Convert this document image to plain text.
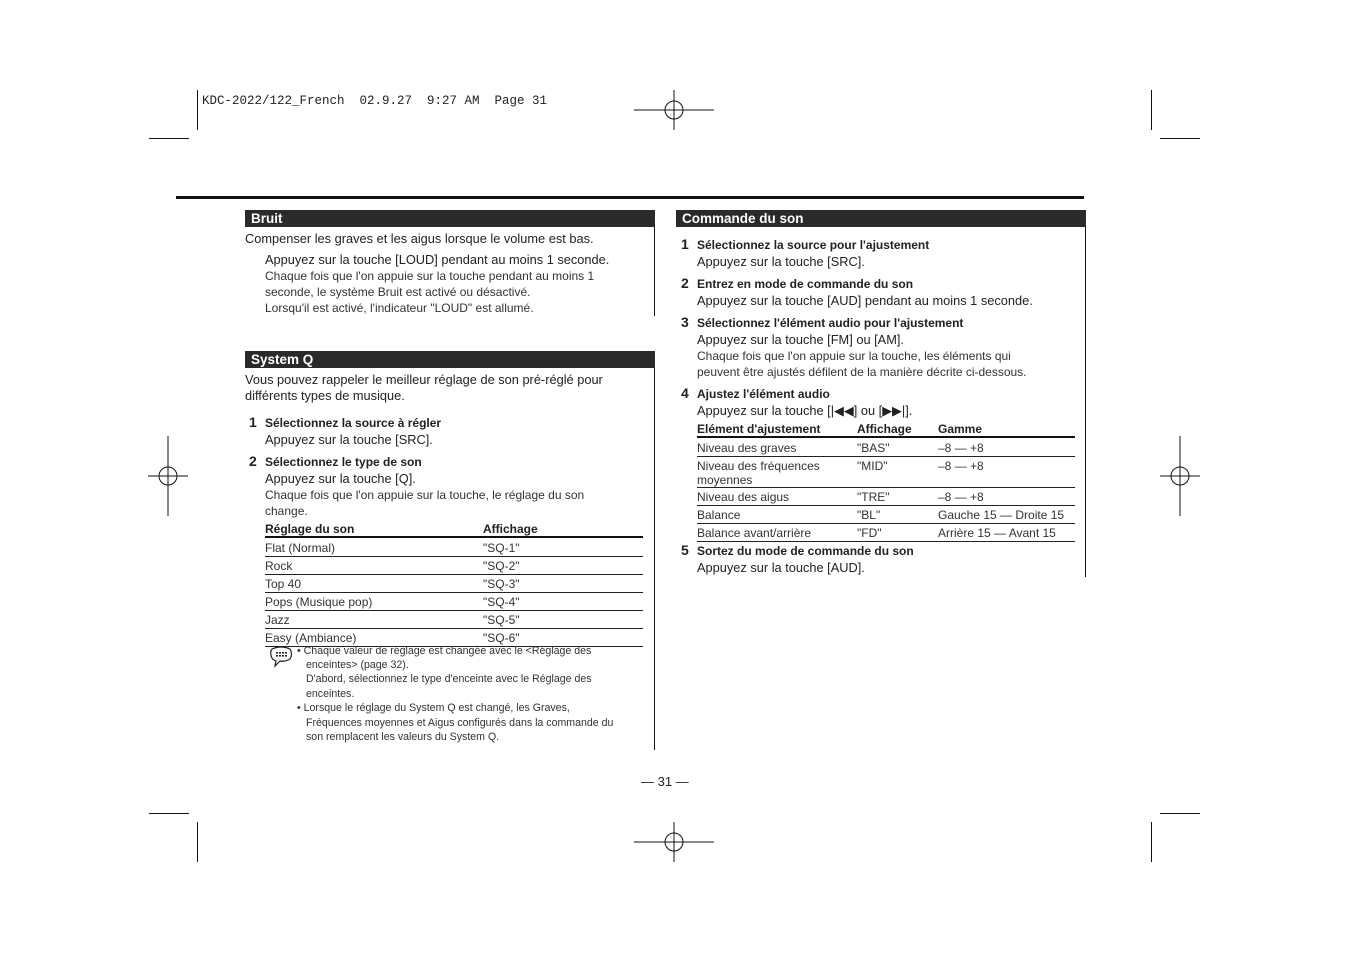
KDC-2022/122_French  02.9.27  9:27 AM  Page 31
Bruit
Compenser les graves et les aigus lorsque le volume est bas.
Appuyez sur la touche [LOUD] pendant au moins 1 seconde.
Chaque fois que l'on appuie sur la touche pendant au moins 1
seconde, le système Bruit est activé ou désactivé.
Lorsqu'il est activé, l'indicateur "LOUD" est allumé.
System Q
Vous pouvez rappeler le meilleur réglage de son pré-réglé pour
différents types de musique.
1 Sélectionnez la source à régler
Appuyez sur la touche [SRC].
2 Sélectionnez le type de son
Appuyez sur la touche [Q].
Chaque fois que l'on appuie sur la touche, le réglage du son
change.
Réglage du son	Affichage
Flat (Normal)	"SQ-1"
Rock	"SQ-2"
Top 40	"SQ-3"
Pops (Musique pop)	"SQ-4"
Jazz	"SQ-5"
Easy (Ambiance)	"SQ-6"
• Chaque valeur de réglage est changée avec le <Réglage des
enceintes> (page 32).
D'abord, sélectionnez le type d'enceinte avec le Réglage des
enceintes.
• Lorsque le réglage du System Q est changé, les Graves,
Fréquences moyennes et Aigus configurés dans la commande du
son remplacent les valeurs du System Q.
Commande du son
1 Sélectionnez la source pour l'ajustement
Appuyez sur la touche [SRC].
2 Entrez en mode de commande du son
Appuyez sur la touche [AUD] pendant au moins 1 seconde.
3 Sélectionnez l'élément audio pour l'ajustement
Appuyez sur la touche [FM] ou [AM].
Chaque fois que l'on appuie sur la touche, les éléments qui
peuvent être ajustés défilent de la manière décrite ci-dessous.
4 Ajustez l'élément audio
Appuyez sur la touche [|◀◀] ou [▶▶|].
Elément d'ajustement	Affichage	Gamme
Niveau des graves	"BAS"	–8 — +8
Niveau des fréquences moyennes	"MID"	–8 — +8
Niveau des aigus	"TRE"	–8 — +8
Balance	"BL"	Gauche 15 — Droite 15
Balance avant/arrière	"FD"	Arrière 15 — Avant 15
5 Sortez du mode de commande du son
Appuyez sur la touche [AUD].
— 31 —
